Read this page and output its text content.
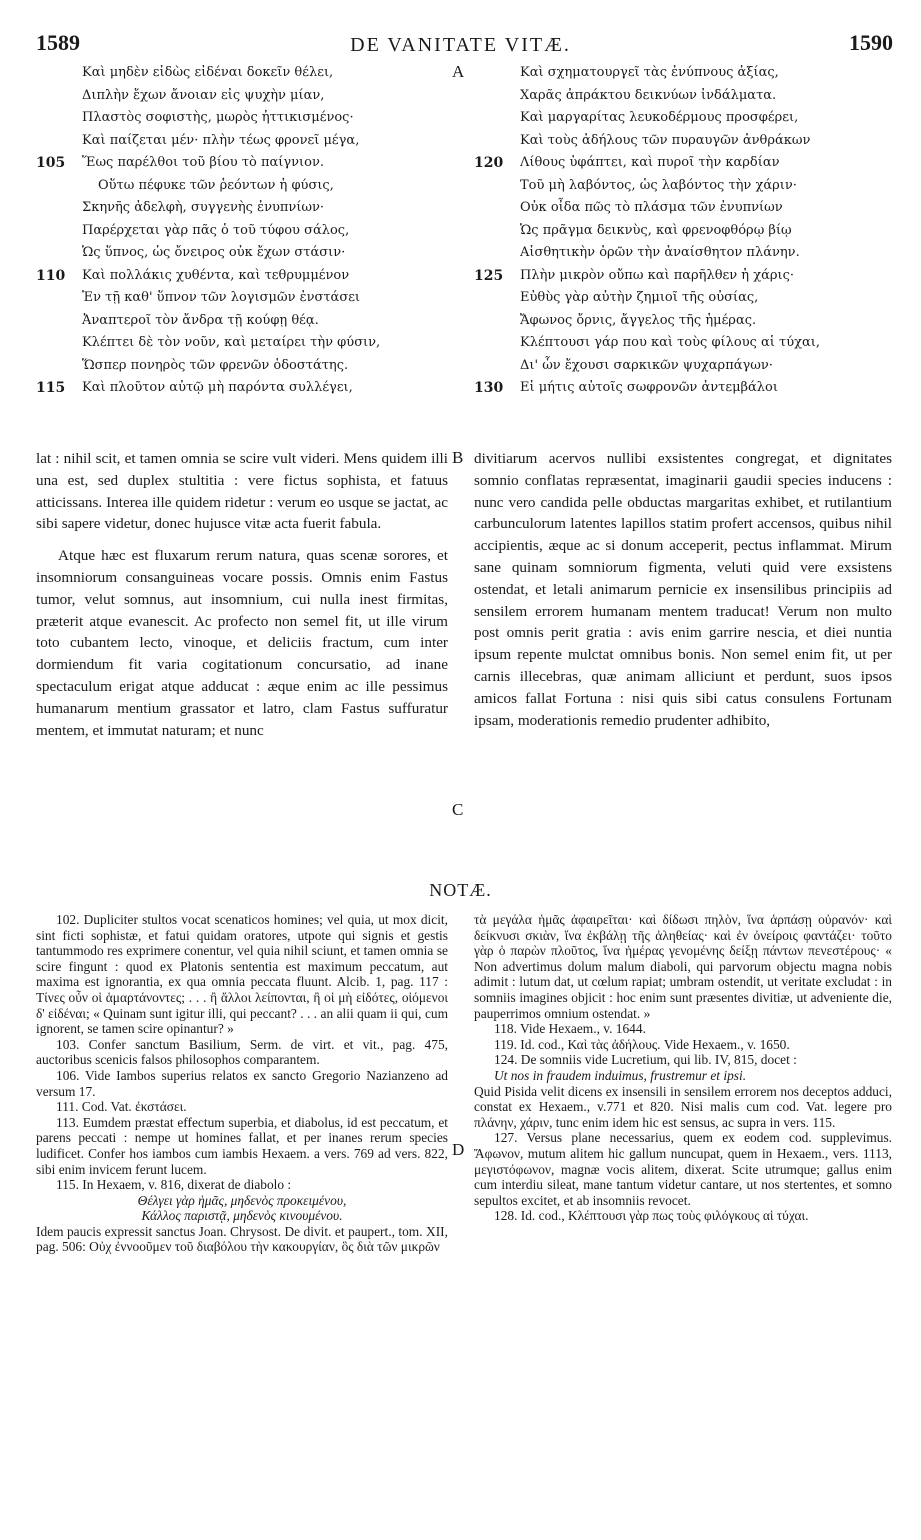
1589	DE VANITATE VITÆ.	1590
A
B
C
D
Καὶ μηδὲν εἰδὼς εἰδέναι δοκεῖν θέλει,
Διπλὴν ἔχων ἄνοιαν εἰς ψυχὴν μίαν,
Πλαστὸς σοφιστὴς, μωρὸς ἠττικισμένος·
Καὶ παίζεται μέν· πλὴν τέως φρονεῖ μέγα,
105 Ἕως παρέλθοι τοῦ βίου τὸ παίγνιον.
Οὕτω πέφυκε τῶν ῥεόντων ἡ φύσις,
Σκηνῆς ἀδελφὴ, συγγενὴς ἐνυπνίων·
Παρέρχεται γὰρ πᾶς ὁ τοῦ τύφου σάλος,
Ὡς ὕπνος, ὡς ὄνειρος οὐκ ἔχων στάσιν·
110 Καὶ πολλάκις χυθέντα, καὶ τεθρυμμένον
Ἐν τῇ καθ' ὕπνον τῶν λογισμῶν ἐνστάσει
Ἀναπτεροῖ τὸν ἄνδρα τῇ κούφῃ θέᾳ.
Κλέπτει δὲ τὸν νοῦν, καὶ μεταίρει τὴν φύσιν,
Ὥσπερ πονηρὸς τῶν φρενῶν ὁδοστάτης.
115 Καὶ πλοῦτον αὐτῷ μὴ παρόντα συλλέγει,
Καὶ σχηματουργεῖ τὰς ἐνύπνους ἀξίας,
Χαρᾶς ἀπράκτου δεικνύων ἰνδάλματα.
Καὶ μαργαρίτας λευκοδέρμους προσφέρει,
Καὶ τοὺς ἀδήλους τῶν πυραυγῶν ἀνθράκων
120 Λίθους ὑφάπτει, καὶ πυροῖ τὴν καρδίαν
Τοῦ μὴ λαβόντος, ὡς λαβόντος τὴν χάριν·
Οὐκ οἶδα πῶς τὸ πλάσμα τῶν ἐνυπνίων
Ὡς πρᾶγμα δεικνὺς, καὶ φρενοφθόρῳ βίῳ
Αἰσθητικὴν ὁρῶν τὴν ἀναίσθητον πλάνην.
125 Πλὴν μικρὸν οὔπω καὶ παρῆλθεν ἡ χάρις·
Εὐθὺς γὰρ αὐτὴν ζημιοῖ τῆς οὐσίας,
Ἄφωνος ὄρνις, ἄγγελος τῆς ἡμέρας.
Κλέπτουσι γάρ που καὶ τοὺς φίλους αἱ τύχαι,
Δι' ὧν ἔχουσι σαρκικῶν ψυχαρπάγων·
130 Εἰ μήτις αὐτοῖς σωφρονῶν ἀντεμβάλοι

lat : nihil scit, et tamen omnia se scire vult videri. Mens quidem illi una est, sed duplex stultitia : vere fictus sophista, et fatuus atticissans. Interea ille quidem ridetur : verum eo usque se jactat, ac sibi sapere videtur, donec hujusce vitæ acta fuerit fabula.

Atque hæc est fluxarum rerum natura, quas scenæ sorores, et insomniorum consanguineas vocare possis. Omnis enim Fastus tumor, velut somnus, aut insomnium, cui nulla inest firmitas, præterit atque evanescit. Ac profecto non semel fit, ut ille virum toto cubantem lecto, vinoque, et deliciis fractum, cum inter dormiendum fit varia cogitationum concursatio, ad inane spectaculum erigat atque adducat : æque enim ac ille pessimus humanarum mentium grassator et latro, clam Fastus suffuratur mentem, et immutat naturam; et nunc

divitiarum acervos nullibi exsistentes congregat, et dignitates somnio conflatas repræsentat, imaginarii gaudii species inducens : nunc vero candida pelle obductas margaritas exhibet, et rutilantium carbunculorum latentes lapillos statim profert accensos, quibus nihil accipientis, æque ac si donum acceperit, pectus inflammat. Mirum sane quinam somniorum figmenta, veluti quid vere exsistens ostendat, et letali animarum pernicie ex insensilibus principiis ad sensilem errorem humanam mentem traducat! Verum non multo post omnis perit gratia : avis enim garrire nescia, et diei nuntia ipsum repente mulctat omnibus bonis. Non semel enim fit, ut per carnis illecebras, quæ animam alliciunt et perdunt, suos ipsos amicos fallat Fortuna : nisi quis sibi catus consulens Fortunam ipsam, moderationis remedio prudenter adhibito,

NOTÆ.

102. Dupliciter stultos vocat scenaticos homines; vel quia, ut mox dicit, sint ficti sophistæ, et fatui quidam oratores, utpote qui signis et gestis tantummodo res exprimere conentur, vel quia nihil sciunt, et tamen omnia se scire fingunt : quod ex Platonis sententia est maximum peccatum, aut maxima est ignorantia, ex qua omnia peccata fluunt. Alcib. 1, pag. 117 : Τίνες οὖν οἱ ἁμαρτάνοντες; . . . ἢ ἄλλοι λείπονται, ἢ οἱ μὴ εἰδότες, οἰόμενοι δ' εἰδέναι; « Quinam sunt igitur illi, qui peccant? . . . an alii quam ii qui, cum ignorent, se tamen scire opinantur? »

103. Confer sanctum Basilium, Serm. de virt. et vit., pag. 475, auctoribus scenicis falsos philosophos comparantem.

106. Vide Iambos superius relatos ex sancto Gregorio Nazianzeno ad versum 17.

111. Cod. Vat. ἐκστάσει.

113. Eumdem præstat effectum superbia, et diabolus, id est peccatum, et parens peccati : nempe ut homines fallat, et per inanes rerum species ludificet. Confer hos iambos cum iambis Hexaem. a vers. 769 ad vers. 822, sibi enim invicem ferunt lucem.

115. In Hexaem, v. 816, dixerat de diabolo :

Θέλγει γὰρ ἡμᾶς, μηδενὸς προκειμένου,

Κάλλος παριστᾷ, μηδενὸς κινουμένου.

Idem paucis expressit sanctus Joan. Chrysost. De divit. et paupert., tom. XII, pag. 506: Οὐχ ἐννοοῦμεν τοῦ διαβόλου τὴν κακουργίαν, ὃς διὰ τῶν μικρῶν

τὰ μεγάλα ἡμᾶς ἀφαιρεῖται· καὶ δίδωσι πηλὸν, ἵνα ἁρπάσῃ οὐρανόν· καὶ δείκνυσι σκιὰν, ἵνα ἐκβάλῃ τῆς ἀληθείας· καὶ ἐν ὀνείροις φαντάζει· τοῦτο γὰρ ὁ παρὼν πλοῦτος, ἵνα ἡμέρας γενομένης δείξῃ πάντων πενεστέρους· « Non advertimus dolum malum diaboli, qui parvorum objectu magna nobis adimit : lutum dat, ut cœlum rapiat; umbram ostendit, ut veritate excludat : in somniis imagines objicit : hoc enim sunt præsentes divitiæ, ut adveniente die, pauperrimos omnium ostendat. »

118. Vide Hexaem., v. 1644.

119. Id. cod., Καὶ τὰς ἀδήλους. Vide Hexaem., v. 1650.

124. De somniis vide Lucretium, qui lib. IV, 815, docet :

Ut nos in fraudem induimus, frustremur et ipsi.

Quid Pisida velit dicens ex insensili in sensilem errorem nos deceptos adduci, constat ex Hexaem., v.771 et 820. Nisi malis cum cod. Vat. legere pro πλάνην, χάριν, tunc enim idem hic est sensus, ac supra in vers. 115.

127. Versus plane necessarius, quem ex eodem cod. supplevimus. Ἄφωνον, mutum alitem hic gallum nuncupat, quem in Hexaem., vers. 1113, μεγιστόφωνον, magnæ vocis alitem, dixerat. Scite utrumque; gallus enim cum interdiu sileat, mane tantum videtur cantare, ut nos stertentes, et somno sepultos excitet, et ab insomniis revocet.

128. Id. cod., Κλέπτουσι γὰρ πως τοὺς φιλόγκους αἱ τύχαι.
